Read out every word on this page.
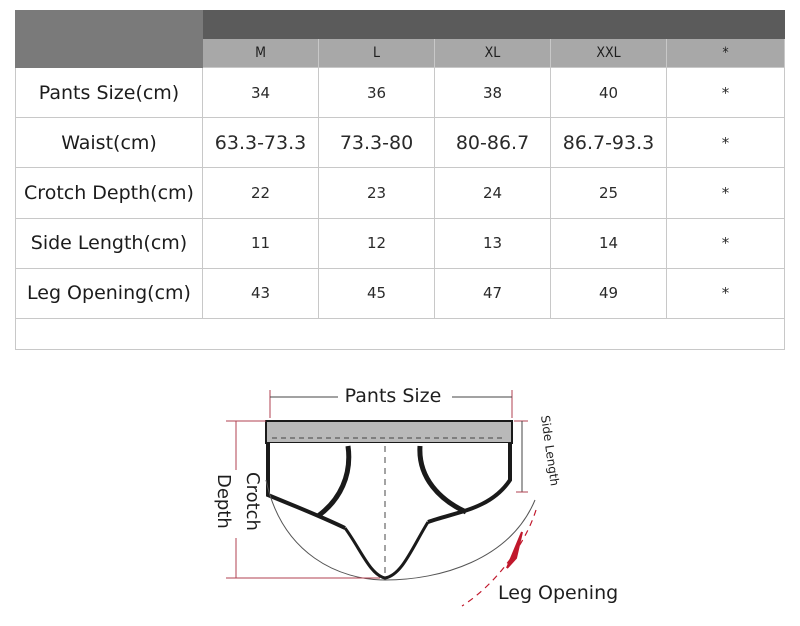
	M	L	XL	XXL	*
Pants Size(cm)	34	36	38	40	*
Waist(cm)	63.3-73.3	73.3-80	80-86.7	86.7-93.3	*
Crotch Depth(cm)	22	23	24	25	*
Side Length(cm)	11	12	13	14	*
Leg Opening(cm)	43	45	47	49	*

Pants Size
Side Length
Crotch
Depth
Leg Opening
